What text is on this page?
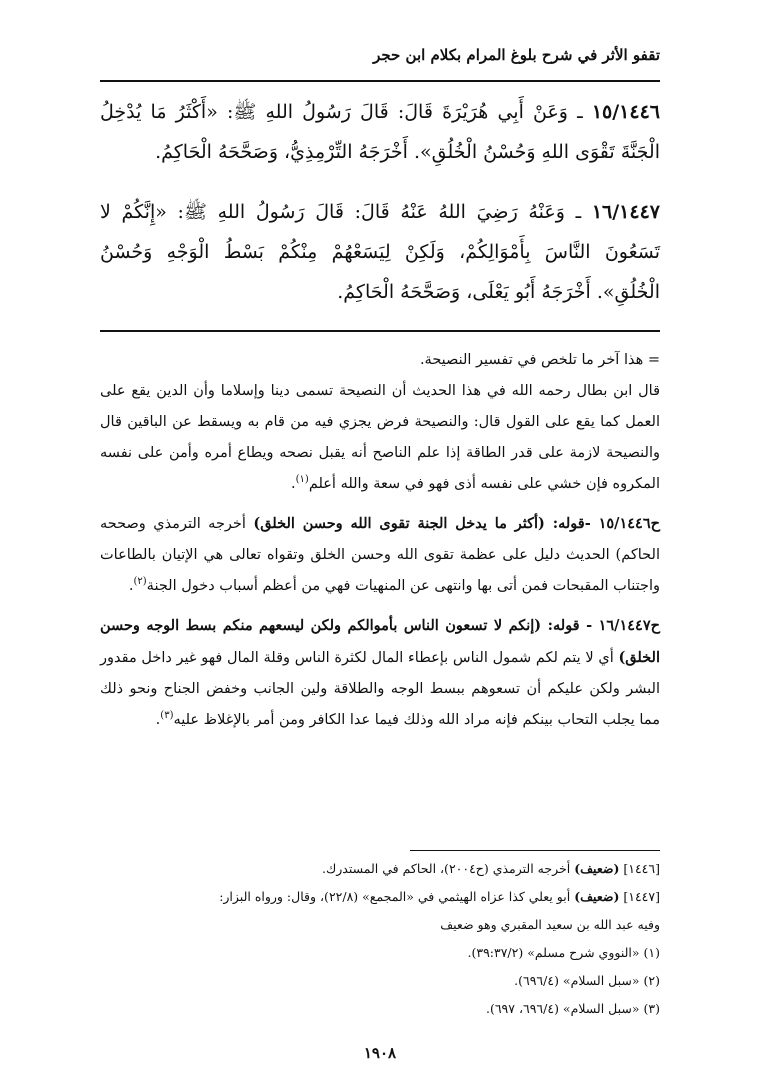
تقفو الأثر في شرح بلوغ المرام بكلام ابن حجر
١٥/١٤٤٦ ـ وَعَنْ أَبِي هُرَيْرَةَ قَالَ: قَالَ رَسُولُ اللهِ ﷺ: «أَكْثَرُ مَا يُدْخِلُ الْجَنَّةَ تَقْوَى اللهِ وَحُسْنُ الْخُلُقِ». أَخْرَجَهُ التِّرْمِذِيُّ، وَصَحَّحَهُ الْحَاكِمُ.
١٦/١٤٤٧ ـ وَعَنْهُ رَضِيَ اللهُ عَنْهُ قَالَ: قَالَ رَسُولُ اللهِ ﷺ: «إِنَّكُمْ لا تَسَعُونَ النَّاسَ بِأَمْوَالِكُمْ، وَلَكِنْ لِيَسَعْهُمْ مِنْكُمْ بَسْطُ الْوَجْهِ وَحُسْنُ الْخُلُقِ». أَخْرَجَهُ أَبُو يَعْلَى، وَصَحَّحَهُ الْحَاكِمُ.

= هذا آخر ما تلخص في تفسير النصيحة.

قال ابن بطال رحمه الله في هذا الحديث أن النصيحة تسمى دينا وإسلاما وأن الدين يقع على العمل كما يقع على القول قال: والنصيحة فرض يجزي فيه من قام به ويسقط عن الباقين قال والنصيحة لازمة على قدر الطاقة إذا علم الناصح أنه يقبل نصحه ويطاع أمره وأمن على نفسه المكروه فإن خشي على نفسه أذى فهو في سعة والله أعلم$^{(١)}$.

ح١٥/١٤٤٦ -قوله: (أكثر ما يدخل الجنة تقوى الله وحسن الخلق) أخرجه الترمذي وصححه الحاكم) الحديث دليل على عظمة تقوى الله وحسن الخلق وتقواه تعالى هي الإتيان بالطاعات واجتناب المقبحات فمن أتى بها وانتهى عن المنهيات فهي من أعظم أسباب دخول الجنة$^{(٢)}$.

ح١٦/١٤٤٧ - قوله: (إنكم لا تسعون الناس بأموالكم ولكن ليسعهم منكم بسط الوجه وحسن الخلق) أي لا يتم لكم شمول الناس بإعطاء المال لكثرة الناس وقلة المال فهو غير داخل مقدور البشر ولكن عليكم أن تسعوهم ببسط الوجه والطلاقة ولين الجانب وخفض الجناح ونحو ذلك مما يجلب التحاب بينكم فإنه مراد الله وذلك فيما عدا الكافر ومن أمر بالإغلاظ عليه$^{(٣)}$.

[١٤٤٦] (ضعيف) أخرجه الترمذي (ح٢٠٠٤)، الحاكم في المستدرك.
[١٤٤٧] (ضعيف) أبو يعلي كذا عزاه الهيثمي في «المجمع» (٢٢/٨)، وقال: ورواه البزار:
وفيه عبد الله بن سعيد المقبري وهو ضعيف
(١) «النووي شرح مسلم» (٣٩:٣٧/٢).
(٢) «سبل السلام» (٦٩٦/٤).
(٣) «سبل السلام» (٦٩٦/٤، ٦٩٧).
١٩٠٨
